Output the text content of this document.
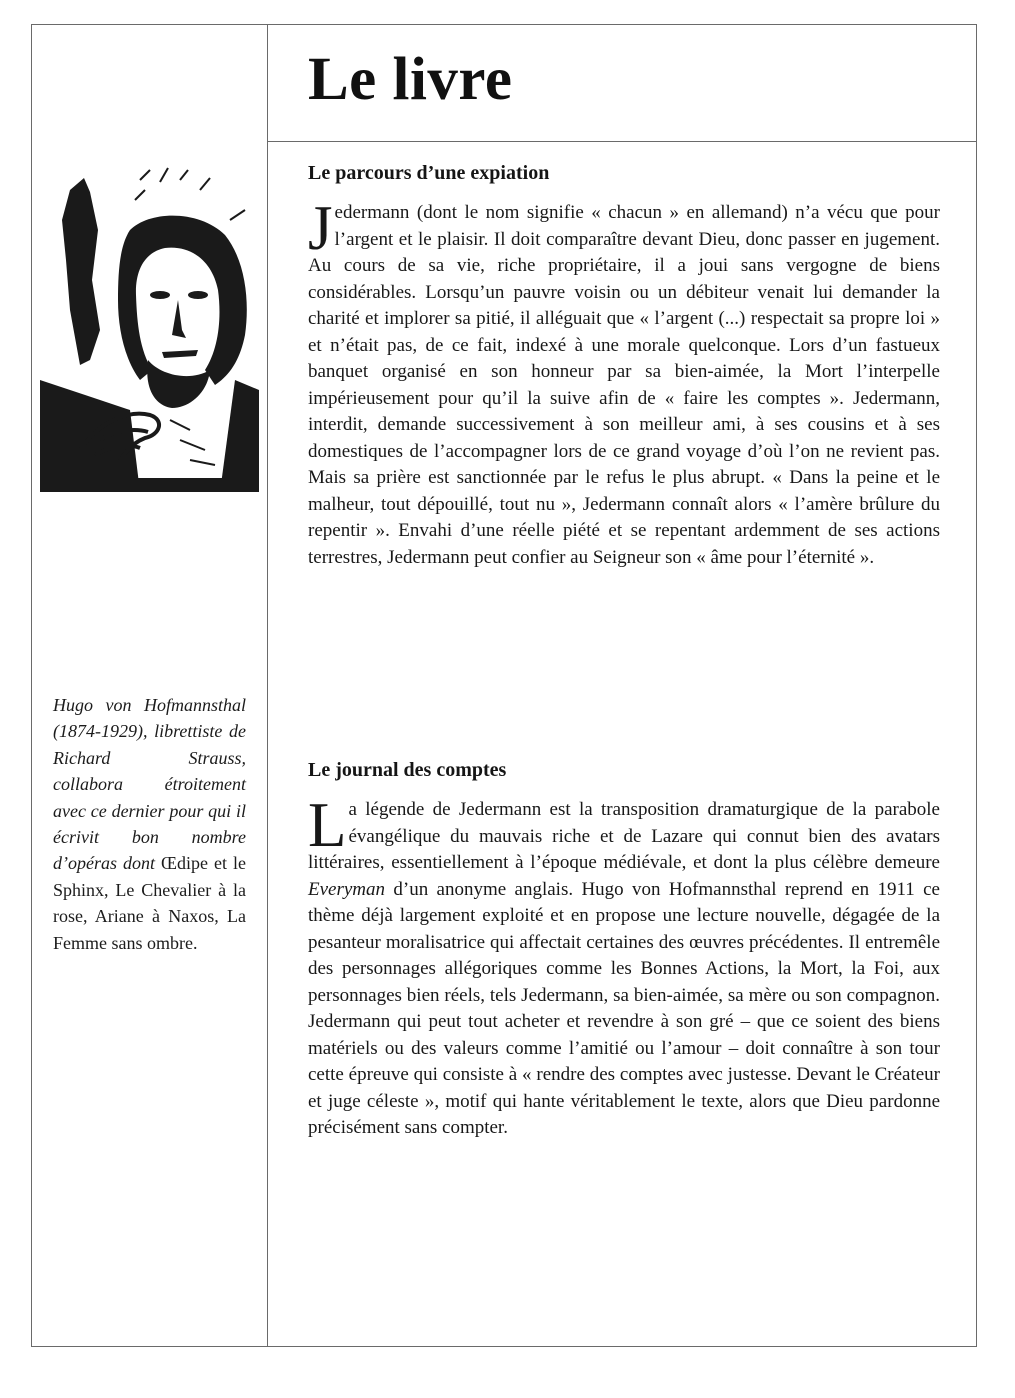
Le livre

Hugo von Hofmannsthal (1874-1929), librettiste de Richard Strauss, collabora étroitement avec ce dernier pour qui il écrivit bon nombre d’opéras dont Œdipe et le Sphinx, Le Chevalier à la rose, Ariane à Naxos, La Femme sans ombre.

Le parcours d’une expiation

Jedermann (dont le nom signifie « chacun » en allemand) n’a vécu que pour l’argent et le plaisir. Il doit comparaître devant Dieu, donc passer en jugement. Au cours de sa vie, riche propriétaire, il a joui sans vergogne de biens considérables. Lorsqu’un pauvre voisin ou un débiteur venait lui demander la charité et implorer sa pitié, il alléguait que « l’argent (...) respectait sa propre loi » et n’était pas, de ce fait, indexé à une morale quelconque. Lors d’un fastueux banquet organisé en son honneur par sa bien-aimée, la Mort l’interpelle impérieusement pour qu’il la suive afin de « faire les comptes ». Jedermann, interdit, demande successivement à son meilleur ami, à ses cousins et à ses domestiques de l’accompagner lors de ce grand voyage d’où l’on ne revient pas. Mais sa prière est sanctionnée par le refus le plus abrupt. « Dans la peine et le malheur, tout dépouillé, tout nu », Jedermann connaît alors « l’amère brûlure du repentir ». Envahi d’une réelle piété et se repentant ardemment de ses actions terrestres, Jedermann peut confier au Seigneur son « âme pour l’éternité ».

Le journal des comptes

La légende de Jedermann est la transposition dramaturgique de la parabole évangélique du mauvais riche et de Lazare qui connut bien des avatars littéraires, essentiellement à l’époque médiévale, et dont la plus célèbre demeure Everyman d’un anonyme anglais. Hugo von Hofmannsthal reprend en 1911 ce thème déjà largement exploité et en propose une lecture nouvelle, dégagée de la pesanteur moralisatrice qui affectait certaines des œuvres précédentes. Il entremêle des personnages allégoriques comme les Bonnes Actions, la Mort, la Foi, aux personnages bien réels, tels Jedermann, sa bien-aimée, sa mère ou son compagnon. Jedermann qui peut tout acheter et revendre à son gré – que ce soient des biens matériels ou des valeurs comme l’amitié ou l’amour – doit connaître à son tour cette épreuve qui consiste à « rendre des comptes avec justesse. Devant le Créateur et juge céleste », motif qui hante véritablement le texte, alors que Dieu pardonne précisément sans compter.
